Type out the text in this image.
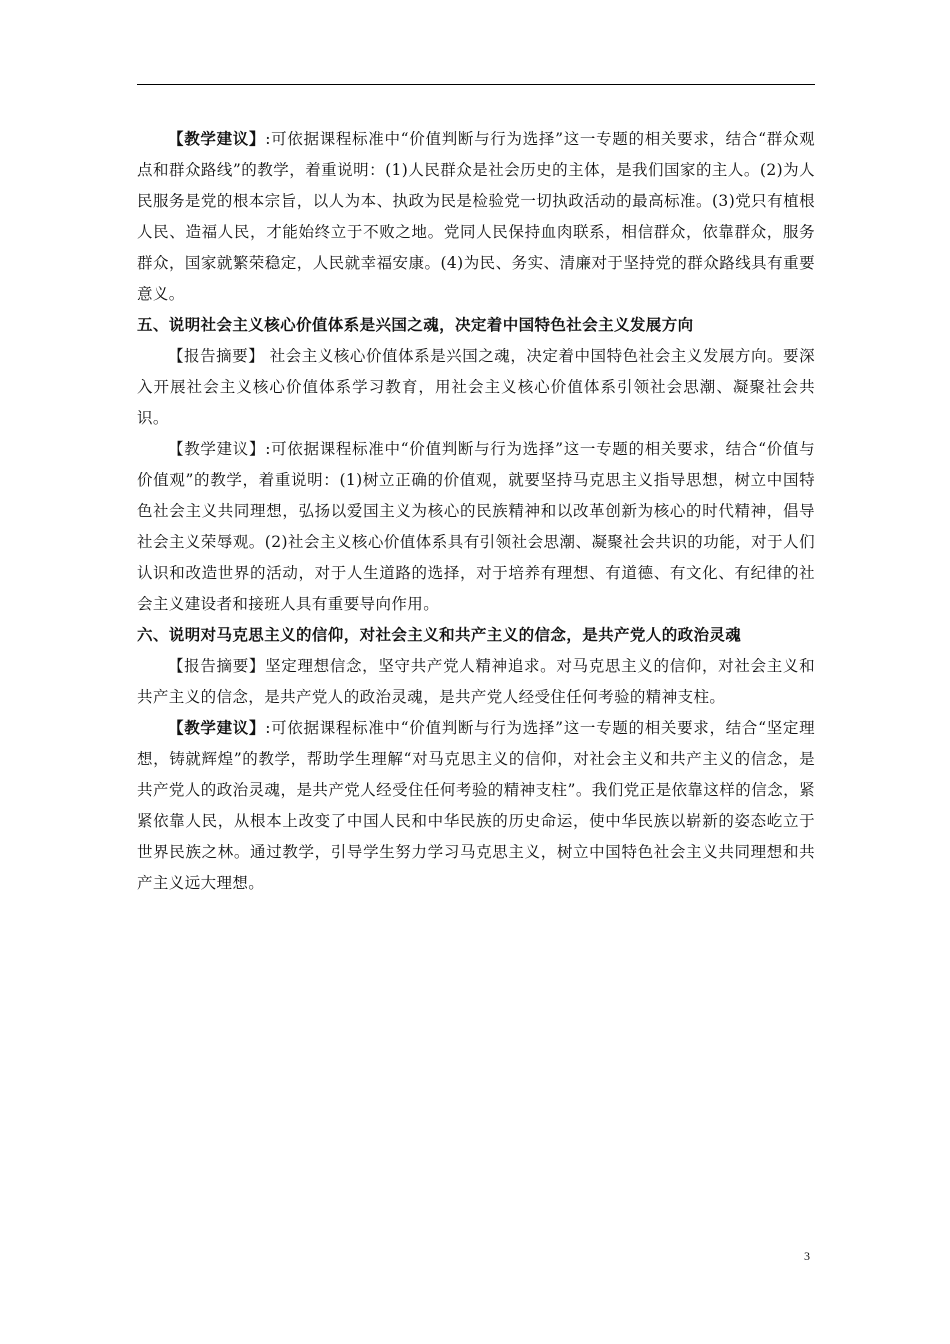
【教学建议】:可依据课程标准中“价值判断与行为选择”这一专题的相关要求，结合“群众观点和群众路线”的教学，着重说明：(1)人民群众是社会历史的主体，是我们国家的主人。(2)为人民服务是党的根本宗旨，以人为本、执政为民是检验党一切执政活动的最高标准。(3)党只有植根人民、造福人民，才能始终立于不败之地。党同人民保持血肉联系，相信群众，依靠群众，服务群众，国家就繁荣稳定，人民就幸福安康。(4)为民、务实、清廉对于坚持党的群众路线具有重要意义。

五、说明社会主义核心价值体系是兴国之魂，决定着中国特色社会主义发展方向

【报告摘要】 社会主义核心价值体系是兴国之魂，决定着中国特色社会主义发展方向。要深入开展社会主义核心价值体系学习教育，用社会主义核心价值体系引领社会思潮、凝聚社会共识。

【教学建议】:可依据课程标准中“价值判断与行为选择”这一专题的相关要求，结合“价值与价值观”的教学，着重说明：(1)树立正确的价值观，就要坚持马克思主义指导思想，树立中国特色社会主义共同理想，弘扬以爱国主义为核心的民族精神和以改革创新为核心的时代精神，倡导社会主义荣辱观。(2)社会主义核心价值体系具有引领社会思潮、凝聚社会共识的功能，对于人们认识和改造世界的活动，对于人生道路的选择，对于培养有理想、有道德、有文化、有纪律的社会主义建设者和接班人具有重要导向作用。

六、说明对马克思主义的信仰，对社会主义和共产主义的信念，是共产党人的政治灵魂

【报告摘要】坚定理想信念，坚守共产党人精神追求。对马克思主义的信仰，对社会主义和共产主义的信念，是共产党人的政治灵魂，是共产党人经受住任何考验的精神支柱。

【教学建议】:可依据课程标准中“价值判断与行为选择”这一专题的相关要求，结合“坚定理想，铸就辉煌”的教学，帮助学生理解“对马克思主义的信仰，对社会主义和共产主义的信念，是共产党人的政治灵魂，是共产党人经受住任何考验的精神支柱”。我们党正是依靠这样的信念，紧紧依靠人民，从根本上改变了中国人民和中华民族的历史命运，使中华民族以崭新的姿态屹立于世界民族之林。通过教学，引导学生努力学习马克思主义，树立中国特色社会主义共同理想和共产主义远大理想。

3
